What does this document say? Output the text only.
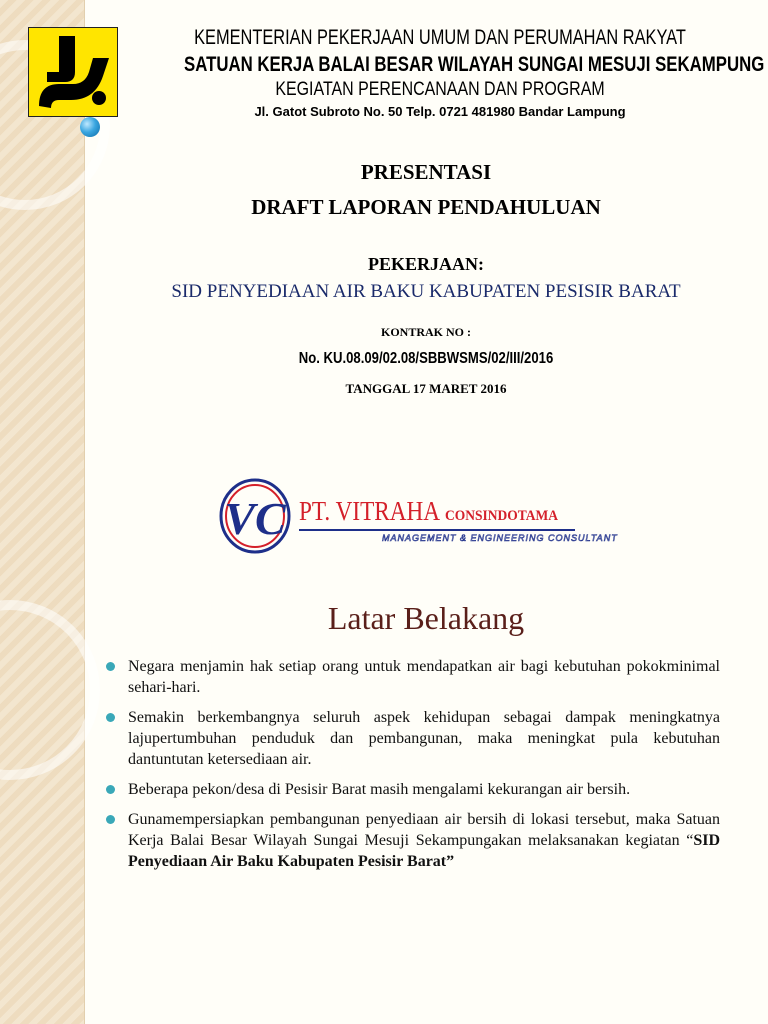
KEMENTERIAN PEKERJAAN UMUM DAN PERUMAHAN RAKYAT
SATUAN KERJA BALAI BESAR WILAYAH SUNGAI MESUJI SEKAMPUNG
KEGIATAN PERENCANAAN DAN PROGRAM
Jl. Gatot Subroto No. 50 Telp. 0721 481980 Bandar Lampung
PRESENTASI
DRAFT LAPORAN PENDAHULUAN
PEKERJAAN:
SID PENYEDIAAN AIR BAKU KABUPATEN PESISIR BARAT
KONTRAK NO :
No. KU.08.09/02.08/SBBWSMS/02/III/2016
TANGGAL 17 MARET 2016
VC PT. VITRAHA CONSINDOTAMA
MANAGEMENT & ENGINEERING CONSULTANT
Latar Belakang
Negara menjamin hak setiap orang untuk mendapatkan air bagi kebutuhan pokokminimal sehari-hari.
Semakin berkembangnya seluruh aspek kehidupan sebagai dampak meningkatnya lajupertumbuhan penduduk dan pembangunan, maka meningkat pula kebutuhan dantuntutan ketersediaan air.
Beberapa pekon/desa di Pesisir Barat masih mengalami kekurangan air bersih.
Gunamempersiapkan pembangunan penyediaan air bersih di lokasi tersebut, maka Satuan Kerja Balai Besar Wilayah Sungai Mesuji Sekampungakan melaksanakan kegiatan “SID Penyediaan Air Baku Kabupaten Pesisir Barat”
